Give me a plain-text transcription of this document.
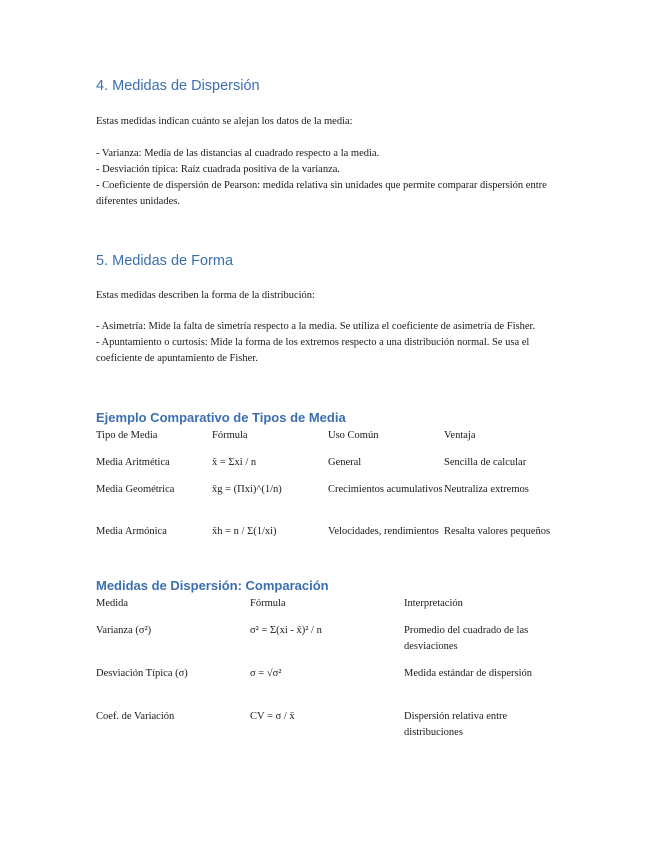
4. Medidas de Dispersión

Estas medidas indican cuánto se alejan los datos de la media:

- Varianza: Media de las distancias al cuadrado respecto a la media.
- Desviación típica: Raíz cuadrada positiva de la varianza.
- Coeficiente de dispersión de Pearson: medida relativa sin unidades que permite comparar dispersión entre diferentes unidades.
5. Medidas de Forma

Estas medidas describen la forma de la distribución:

- Asimetría: Mide la falta de simetría respecto a la media. Se utiliza el coeficiente de asimetría de Fisher.
- Apuntamiento o curtosis: Mide la forma de los extremos respecto a una distribución normal. Se usa el coeficiente de apuntamiento de Fisher.
Ejemplo Comparativo de Tipos de Media
Tipo de Media	Fórmula	Uso Común	Ventaja
Media Aritmética	x̄ = Σxi / n	General	Sencilla de calcular
Media Geométrica	x̄g = (Πxi)^(1/n)	Crecimientos acumulativos	Neutraliza extremos
Media Armónica	x̄h = n / Σ(1/xi)	Velocidades, rendimientos	Resalta valores pequeños
Medidas de Dispersión: Comparación
Medida	Fórmula	Interpretación
Varianza (σ²)	σ² = Σ(xi - x̄)² / n	Promedio del cuadrado de las desviaciones
Desviación Típica (σ)	σ = √σ²	Medida estándar de dispersión
Coef. de Variación	CV = σ / x̄	Dispersión relativa entre distribuciones
